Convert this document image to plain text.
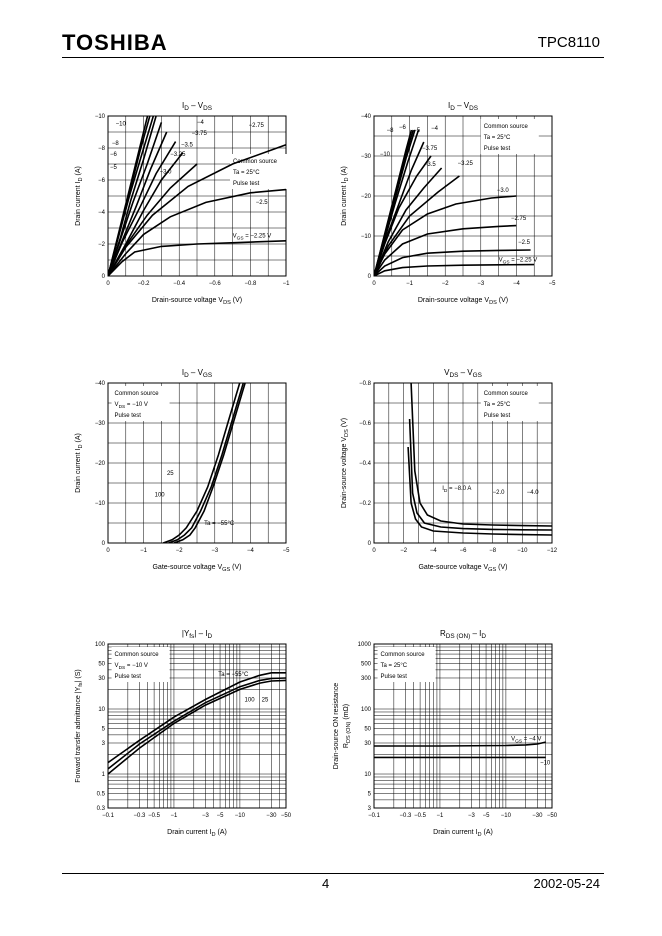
TOSHIBA	TPC8110
0	−0.2	−0.4	−0.6	−0.8	−1
0
−2
−4
−6
−8
−10
$I_D - V_{DS}$
Drain-source voltage $V_{DS}$ (V)
Drain current $I_D$ (A)
Common source
Ta = 25°C
Pulse test
−10
−8
−6
−5
−4
−3.75
−3.5
−3.25
−3.0
−2.75
−2.5
$V_{GS} = -2.25$ V
0	−1	−2	−3	−4	−5
0
−10
−20
−30
−40
$I_D - V_{DS}$
Drain-source voltage $V_{DS}$ (V)
Drain current $I_D$ (A)
Common source
Ta = 25°C
Pulse test
−10
−8
−6
−5 −4
−3.75
−3.5	−3.25
−3.0
−2.75
−2.5
$V_{GS} = -2.25$ V
0	−1	−2	−3	−4	−5
0
−10
−20
−30
−40
$I_D - V_{GS}$
Gate-source voltage $V_{GS}$ (V)
Drain current $I_D$ (A)
Common source
$V_{DS} = -10$ V
Pulse test
100
25
Ta = −55°C
0	−2	−4	−6	−8	−10	−12
0
−0.2
−0.4
−0.6
−0.8
$V_{DS} - V_{GS}$
Gate-source voltage $V_{GS}$ (V)
Drain-source voltage $V_{DS}$ (V)
Common source
Ta = 25°C
Pulse test
$I_D = -8.0$ A
−2.0	−4.0
−0.1	−0.3 −0.5 −1	−3 −5 −10	−30 −50
0.3
0.5
1
3
5
10
30
50
100
$|Y_{fs}| - I_D$
Drain current $I_D$ (A)
Forward transfer admittance $|Y_{fs}|$ (S)
Common source
$V_{DS} = -10$ V
Pulse test	Ta = −55°C
100 25
−0.1	−0.3 −0.5 −1	−3 −5 −10	−30 −50
3
5
10
30
50
100
300
500
1000
$R_{DS (ON)} - I_D$
Drain current $I_D$ (A)
Drain-source ON resistance $R_{DS (ON)}$ (mΩ)
Common source
Ta = 25°C
Pulse test
$V_{GS} = -4$ V
−10
4	2002-05-24
